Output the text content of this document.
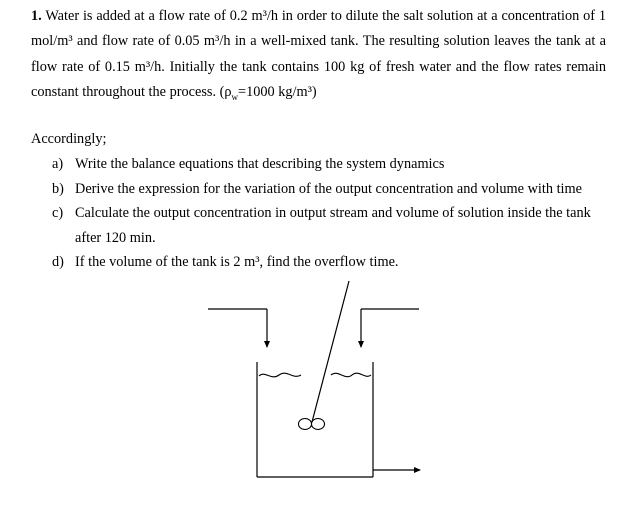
1. Water is added at a flow rate of 0.2 m³/h in order to dilute the salt solution at a concentration of 1 mol/m³ and flow rate of 0.05 m³/h in a well-mixed tank. The resulting solution leaves the tank at a flow rate of 0.15 m³/h. Initially the tank contains 100 kg of fresh water and the flow rates remain constant throughout the process. ($\rho_w=1000$ kg/m³)
Accordingly;
a) Write the balance equations that describing the system dynamics
b) Derive the expression for the variation of the output concentration and volume with time
c) Calculate the output concentration in output stream and volume of solution inside the tank after 120 min.
d) If the volume of the tank is 2 m³, find the overflow time.
